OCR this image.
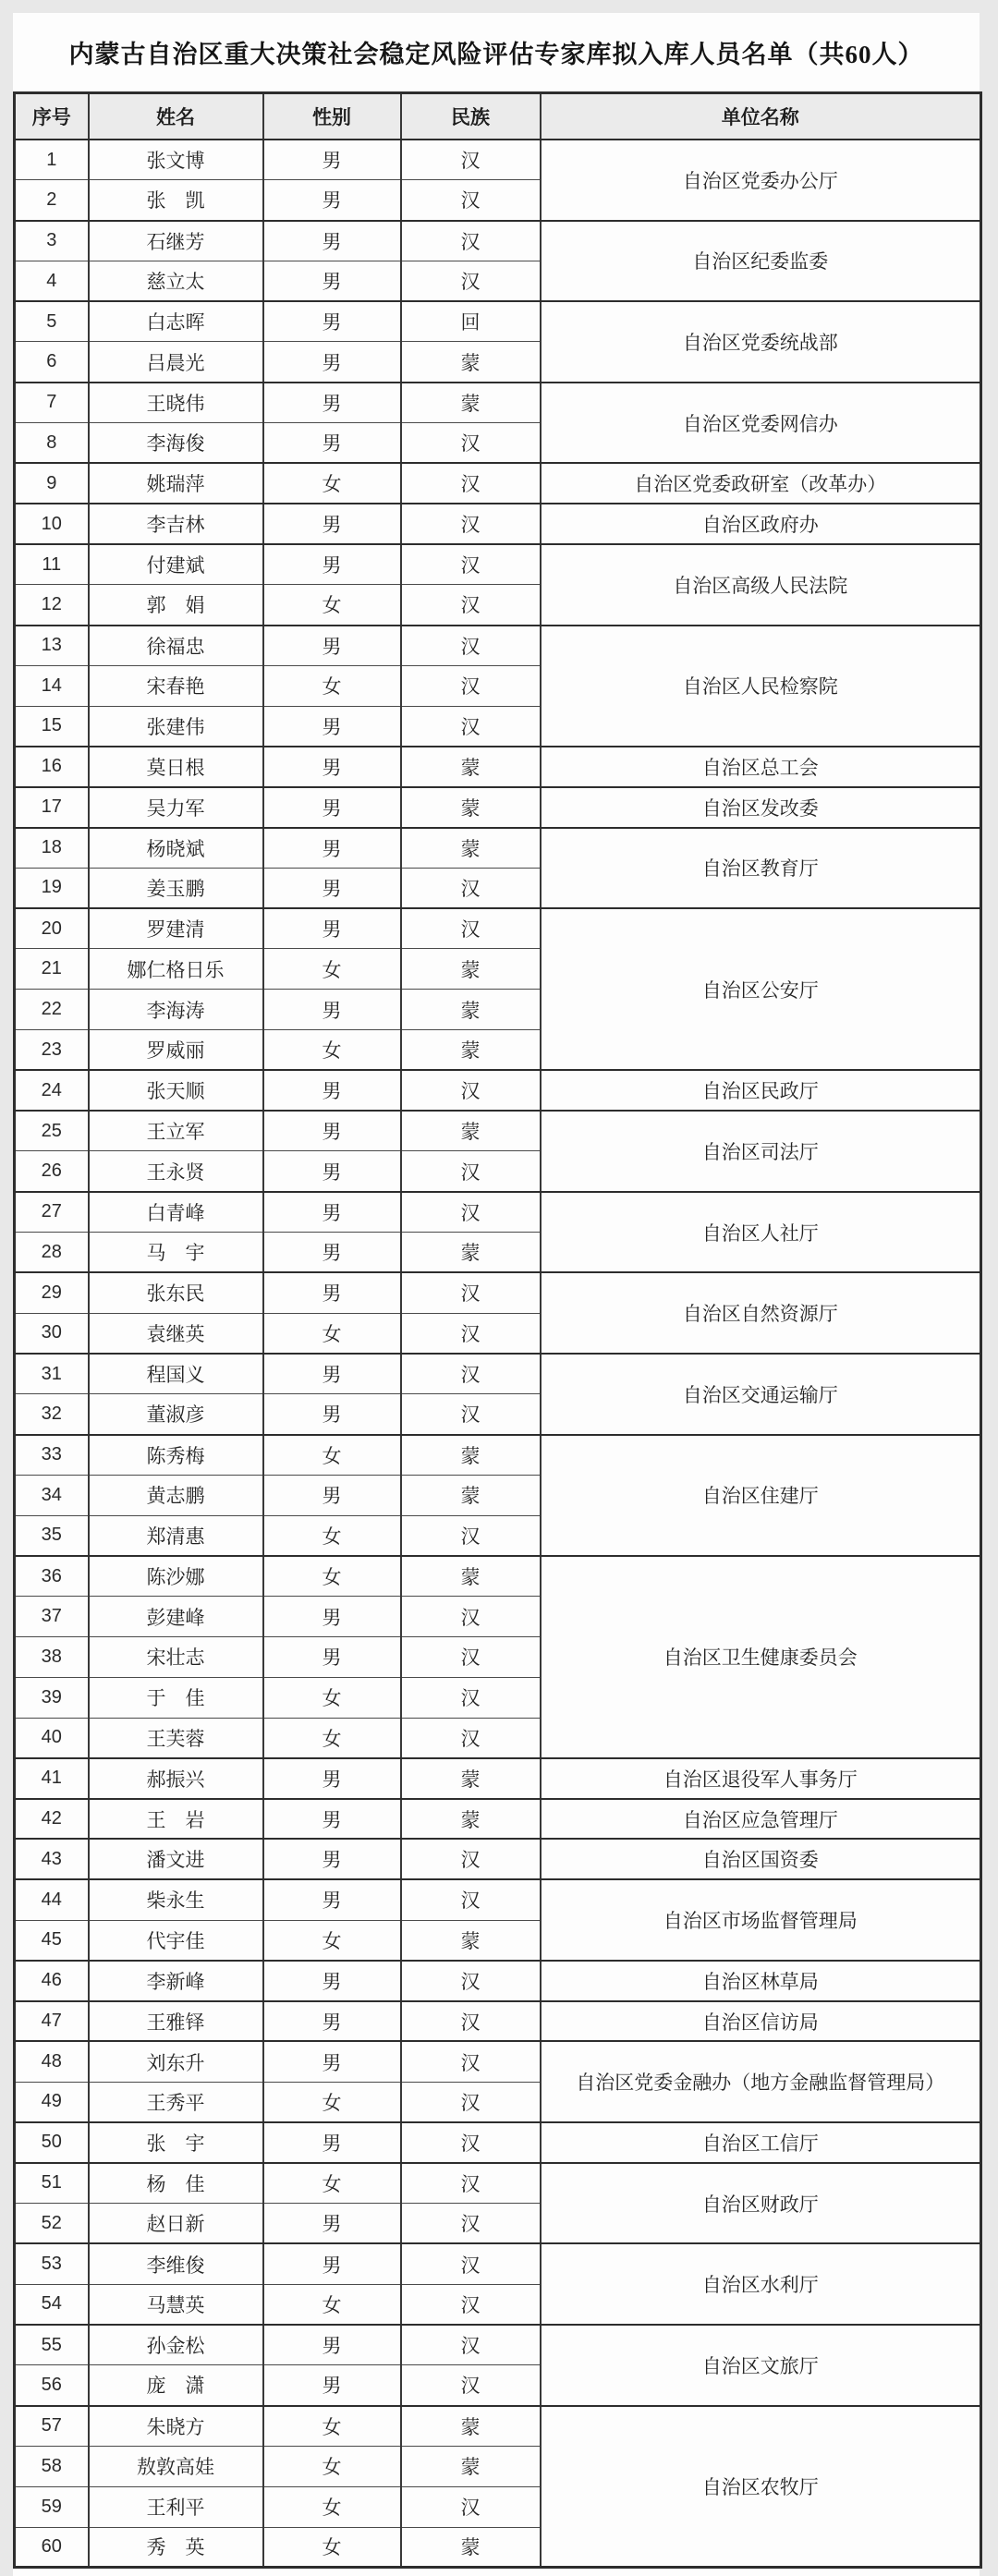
内蒙古自治区重大决策社会稳定风险评估专家库拟入库人员名单（共60人）
序号	姓名	性别	民族	单位名称
1	张文博	男	汉	自治区党委办公厅
2	张　凯	男	汉	
3	石继芳	男	汉	自治区纪委监委
4	慈立太	男	汉	
5	白志晖	男	回	自治区党委统战部
6	吕晨光	男	蒙	
7	王晓伟	男	蒙	自治区党委网信办
8	李海俊	男	汉	
9	姚瑞萍	女	汉	自治区党委政研室（改革办）
10	李吉林	男	汉	自治区政府办
11	付建斌	男	汉	自治区高级人民法院
12	郭　娟	女	汉	
13	徐福忠	男	汉	自治区人民检察院
14	宋春艳	女	汉	
15	张建伟	男	汉	
16	莫日根	男	蒙	自治区总工会
17	吴力军	男	蒙	自治区发改委
18	杨晓斌	男	蒙	自治区教育厅
19	姜玉鹏	男	汉	
20	罗建清	男	汉	自治区公安厅
21	娜仁格日乐	女	蒙	
22	李海涛	男	蒙	
23	罗威丽	女	蒙	
24	张天顺	男	汉	自治区民政厅
25	王立军	男	蒙	自治区司法厅
26	王永贤	男	汉	
27	白青峰	男	汉	自治区人社厅
28	马　宇	男	蒙	
29	张东民	男	汉	自治区自然资源厅
30	袁继英	女	汉	
31	程国义	男	汉	自治区交通运输厅
32	董淑彦	男	汉	
33	陈秀梅	女	蒙	自治区住建厅
34	黄志鹏	男	蒙	
35	郑清惠	女	汉	
36	陈沙娜	女	蒙	自治区卫生健康委员会
37	彭建峰	男	汉	
38	宋壮志	男	汉	
39	于　佳	女	汉	
40	王芙蓉	女	汉	
41	郝振兴	男	蒙	自治区退役军人事务厅
42	王　岩	男	蒙	自治区应急管理厅
43	潘文进	男	汉	自治区国资委
44	柴永生	男	汉	自治区市场监督管理局
45	代宇佳	女	蒙	
46	李新峰	男	汉	自治区林草局
47	王雅铎	男	汉	自治区信访局
48	刘东升	男	汉	自治区党委金融办（地方金融监督管理局）
49	王秀平	女	汉	
50	张　宇	男	汉	自治区工信厅
51	杨　佳	女	汉	自治区财政厅
52	赵日新	男	汉	
53	李维俊	男	汉	自治区水利厅
54	马慧英	女	汉	
55	孙金松	男	汉	自治区文旅厅
56	庞　潇	男	汉	
57	朱晓方	女	蒙	自治区农牧厅
58	敖敦高娃	女	蒙	
59	王利平	女	汉	
60	秀　英	女	蒙	
